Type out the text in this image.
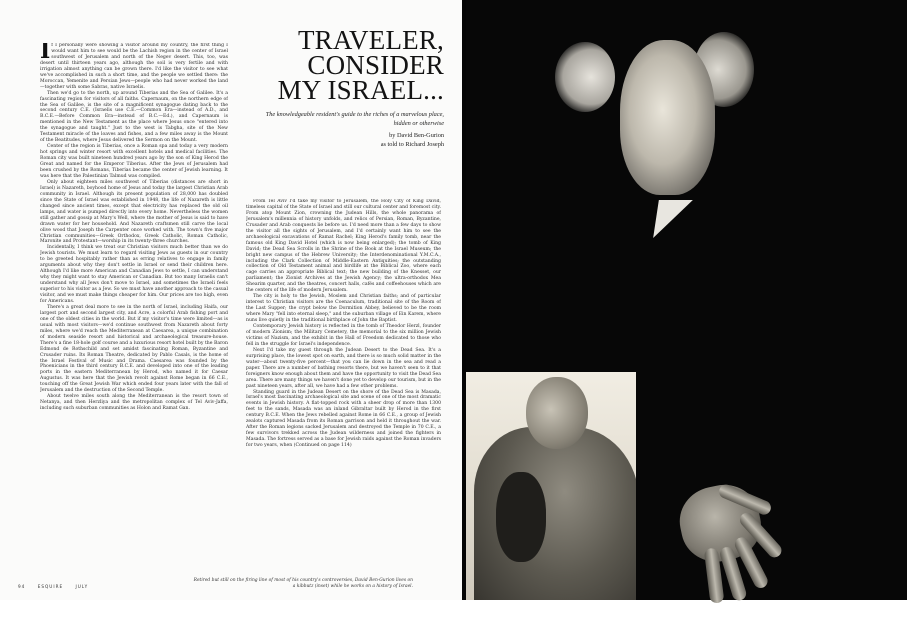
TRAVELER,
CONSIDER
MY ISRAEL...
The knowledgeable resident's guide to the riches of a marvelous place, hidden or otherwise
by David Ben-Gurion
as told to Richard Joseph

If I personally were showing a visitor around my country, the first thing I would want him to see would be the Lachish region in the center of Israel southwest of Jerusalem and north of the Negev desert. This, too, was desert until thirteen years ago, although the soil is very fertile and with irrigation almost anything can be grown there. I'd like the visitor to see what we've accomplished in such a short time, and the people we settled there: the Moroccan, Yemenite and Persian Jews—people who had never worked the land—together with some Sabras, native Israelis.

Then we'd go to the north, up around Tiberias and the Sea of Galilee. It's a fascinating region for visitors of all faiths. Capernaum, on the northern edge of the Sea of Galilee, is the site of a magnificent synagogue dating back to the second century C.E. (Israelis use C.E.—Common Era—instead of A.D., and B.C.E.—Before Common Era—instead of B.C.—Ed.), and Capernaum is mentioned in the New Testament as the place where Jesus once "entered into the synagogue and taught." Just to the west is Tabgha, site of the New Testament miracle of the loaves and fishes, and a few miles away is the Mount of the Beatitudes, where Jesus delivered the Sermon on the Mount.

Center of the region is Tiberias, once a Roman spa and today a very modern hot springs and winter resort with excellent hotels and medical facilities. The Roman city was built nineteen hundred years ago by the son of King Herod the Great and named for the Emperor Tiberius. After the Jews of Jerusalem had been crushed by the Romans, Tiberias became the center of Jewish learning. It was here that the Palestinian Talmud was compiled.

Only about eighteen miles southwest of Tiberias (distances are short in Israel) is Nazareth, boyhood home of Jesus and today the largest Christian Arab community in Israel. Although its present population of 28,000 has doubled since the State of Israel was established in 1948, the life of Nazareth is little changed since ancient times, except that electricity has replaced the old oil lamps, and water is pumped directly into every home. Nevertheless the women still gather and gossip at Mary's Well, where the mother of Jesus is said to have drawn water for her household. And Nazareth craftsmen still carve the local olive wood that Joseph the Carpenter once worked with. The town's five major Christian communities—Greek Orthodox, Greek Catholic, Roman Catholic, Maronite and Protestant—worship in its twenty-three churches.

Incidentally, I think we treat our Christian visitors much better than we do Jewish tourists. We must learn to regard visiting Jews as guests in our country to be greeted hospitably rather than as erring relatives to engage in family arguments about why they don't settle in Israel or send their children here. Although I'd like more American and Canadian Jews to settle, I can understand why they might want to stay American or Canadian. But too many Israelis can't understand why all Jews don't move to Israel, and sometimes the Israeli feels superior to his visitor as a Jew. So we must have another approach to the casual visitor, and we must make things cheaper for him. Our prices are too high, even for Americans.

There's a great deal more to see in the north of Israel, including Haifa, our largest port and second largest city, and Acre, a colorful Arab fishing port and one of the oldest cities in the world. But if my visitor's time were limited—as is usual with most visitors—we'd continue southwest from Nazareth about forty miles, where we'd reach the Mediterranean at Caesarea, a unique combination of modern seaside resort and historical and archaeological treasure-house. There's a fine 18-hole golf course and a luxurious resort hotel built by the Baron Edmond de Rothschild and set amidst fascinating Roman, Byzantine and Crusader ruins. Its Roman Theatre, dedicated by Pablo Casals, is the home of the Israel Festival of Music and Drama. Caesarea was founded by the Phoenicians in the third century B.C.E. and developed into one of the leading ports in the eastern Mediterranean by Herod, who named it for Caesar Augustus. It was here that the Jewish revolt against Rome began in 66 C.E., touching off the Great Jewish War which ended four years later with the fall of Jerusalem and the destruction of the Second Temple.

About twelve miles south along the Mediterranean is the resort town of Netanya, and then Herzliya and the metropolitan complex of Tel Aviv-Jaffa, including such suburban communities as Holon and Ramat Gan.

From Tel Aviv I'd take my visitor to Jerusalem, the Holy City of King David, timeless capital of the State of Israel and still our cultural center and foremost city. From atop Mount Zion, crowning the Judean Hills, the whole panorama of Jerusalem's millennia of history unfolds, and relics of Persian, Roman, Byzantine, Crusader and Arab conquests lie before us. I'd need more than a few days to show the visitor all the sights of Jerusalem, and I'd certainly want him to see the archaeological excavations of Ramat Rachel; King Herod's family tomb, near the famous old King David Hotel (which is now being enlarged); the tomb of King David; the Dead Sea Scrolls in the Shrine of the Book at the Israel Museum; the bright new campus of the Hebrew University; the Interdenominational Y.M.C.A., including the Clark Collection of Middle-Eastern Antiquities; the outstanding collection of Old Testament animal and birdlife at the Biblical Zoo, where each cage carries an appropriate Biblical text; the new building of the Knesset, our parliament; the Zionist Archives at the Jewish Agency; the ultra-orthodox Mea Shearim quarter, and the theatres, concert halls, cafés and coffeehouses which are the centers of the life of modern Jerusalem.

The city is holy to the Jewish, Moslem and Christian faiths; and of particular interest to Christian visitors are the Coenaculum, traditional site of the Room of the Last Supper; the crypt below the Dormition Abbey, believed to be the room where Mary "fell into eternal sleep," and the suburban village of Ein Karem, where nuns live quietly in the traditional birthplace of John the Baptist.

Contemporary Jewish history is reflected in the tomb of Theodor Herzl, founder of modern Zionism; the Military Cemetery, the memorial to the six million Jewish victims of Nazism, and the exhibit in the Hall of Freedom dedicated to those who fell in the struggle for Israel's independence.

Next I'd take my guest through the Judean Desert to the Dead Sea. It's a surprising place, the lowest spot on earth, and there is so much solid matter in the water—about twenty-five percent—that you can lie down in the sea and read a paper. There are a number of bathing resorts there, but we haven't seen to it that foreigners know enough about them and have the opportunity to visit the Dead Sea area. There are many things we haven't done yet to develop our tourism, but in the past nineteen years, after all, we have had a few other problems.

Standing guard in the Judean Desert on the shore of the Dead Sea is Masada, Israel's most fascinating archaeological site and scene of one of the most dramatic events in Jewish history. A flat-topped rock with a sheer drop of more than 1300 feet to the sands, Masada was an inland Gibraltar built by Herod in the first century B.C.E. When the Jews rebelled against Rome in 66 C.E., a group of Jewish zealots captured Masada from its Roman garrison and held it throughout the war. After the Roman legions sacked Jerusalem and destroyed the Temple in 70 C.E., a few survivors trekked across the Judean wilderness and joined the fighters in Masada. The fortress served as a base for Jewish raids against the Roman invaders for two years, when (Continued on page 114)

94	ESQUIRE	JULY
Retired but still on the firing line of most of his country's controversies, David Ben-Gurion lives on a kibbutz (inset) while he works on a history of Israel.
